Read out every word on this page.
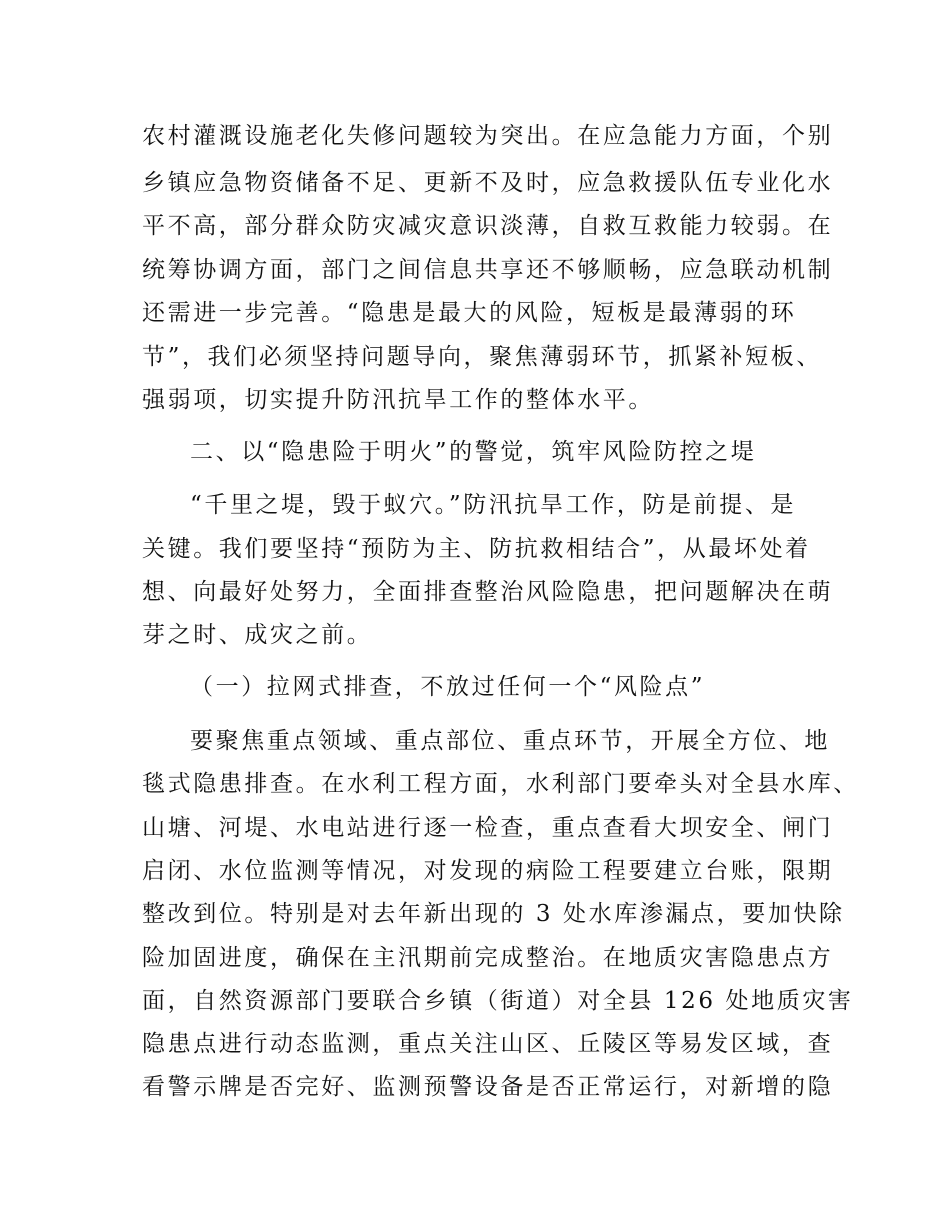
农村灌溉设施老化失修问题较为突出。在应急能力方面，个别
乡镇应急物资储备不足、更新不及时，应急救援队伍专业化水
平不高，部分群众防灾减灾意识淡薄，自救互救能力较弱。在
统筹协调方面，部门之间信息共享还不够顺畅，应急联动机制
还需进一步完善。“隐患是最大的风险，短板是最薄弱的环
节”，我们必须坚持问题导向，聚焦薄弱环节，抓紧补短板、
强弱项，切实提升防汛抗旱工作的整体水平。
二、以“隐患险于明火”的警觉，筑牢风险防控之堤
“千里之堤，毁于蚁穴。”防汛抗旱工作，防是前提、是
关键。我们要坚持“预防为主、防抗救相结合”，从最坏处着
想、向最好处努力，全面排查整治风险隐患，把问题解决在萌
芽之时、成灾之前。
（一）拉网式排查，不放过任何一个“风险点”
要聚焦重点领域、重点部位、重点环节，开展全方位、地
毯式隐患排查。在水利工程方面，水利部门要牵头对全县水库、
山塘、河堤、水电站进行逐一检查，重点查看大坝安全、闸门
启闭、水位监测等情况，对发现的病险工程要建立台账，限期
整改到位。特别是对去年新出现的 3 处水库渗漏点，要加快除
险加固进度，确保在主汛期前完成整治。在地质灾害隐患点方
面，自然资源部门要联合乡镇（街道）对全县 126 处地质灾害
隐患点进行动态监测，重点关注山区、丘陵区等易发区域，查
看警示牌是否完好、监测预警设备是否正常运行，对新增的隐
